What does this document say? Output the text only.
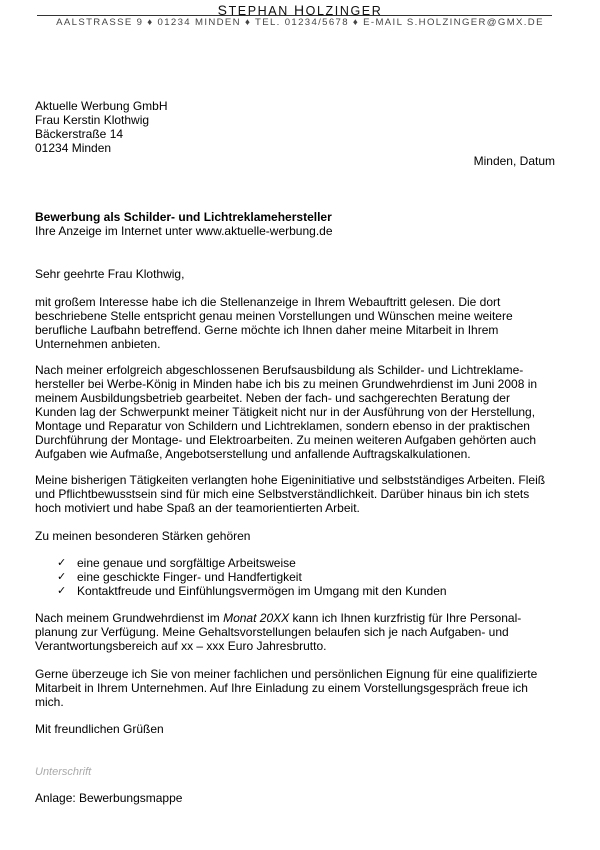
STEPHAN HOLZINGER
AALSTRASSE 9 ♦ 01234 MINDEN ♦ TEL. 01234/5678 ♦ E-MAIL S.HOLZINGER@GMX.DE
Aktuelle Werbung GmbH
Frau Kerstin Klothwig
Bäckerstraße 14
01234 Minden
Minden, Datum
Bewerbung als Schilder- und Lichtreklamehersteller
Ihre Anzeige im Internet unter www.aktuelle-werbung.de
Sehr geehrte Frau Klothwig,
mit großem Interesse habe ich die Stellenanzeige in Ihrem Webauftritt gelesen. Die dort
beschriebene Stelle entspricht genau meinen Vorstellungen und Wünschen meine weitere
berufliche Laufbahn betreffend. Gerne möchte ich Ihnen daher meine Mitarbeit in Ihrem
Unternehmen anbieten.
Nach meiner erfolgreich abgeschlossenen Berufsausbildung als Schilder- und Lichtreklame-
hersteller bei Werbe-König in Minden habe ich bis zu meinen Grundwehrdienst im Juni 2008 in
meinem Ausbildungsbetrieb gearbeitet. Neben der fach- und sachgerechten Beratung der
Kunden lag der Schwerpunkt meiner Tätigkeit nicht nur in der Ausführung von der Herstellung,
Montage und Reparatur von Schildern und Lichtreklamen, sondern ebenso in der praktischen
Durchführung der Montage- und Elektroarbeiten. Zu meinen weiteren Aufgaben gehörten auch
Aufgaben wie Aufmaße, Angebotserstellung und anfallende Auftragskalkulationen.
Meine bisherigen Tätigkeiten verlangten hohe Eigeninitiative und selbstständiges Arbeiten. Fleiß
und Pflichtbewusstsein sind für mich eine Selbstverständlichkeit. Darüber hinaus bin ich stets
hoch motiviert und habe Spaß an der teamorientierten Arbeit.
Zu meinen besonderen Stärken gehören
✓ eine genaue und sorgfältige Arbeitsweise
✓ eine geschickte Finger- und Handfertigkeit
✓ Kontaktfreude und Einfühlungsvermögen im Umgang mit den Kunden
Nach meinem Grundwehrdienst im Monat 20XX kann ich Ihnen kurzfristig für Ihre Personal-
planung zur Verfügung. Meine Gehaltsvorstellungen belaufen sich je nach Aufgaben- und
Verantwortungsbereich auf xx – xxx Euro Jahresbrutto.
Gerne überzeuge ich Sie von meiner fachlichen und persönlichen Eignung für eine qualifizierte
Mitarbeit in Ihrem Unternehmen. Auf Ihre Einladung zu einem Vorstellungsgespräch freue ich
mich.
Mit freundlichen Grüßen
Unterschrift
Anlage: Bewerbungsmappe
